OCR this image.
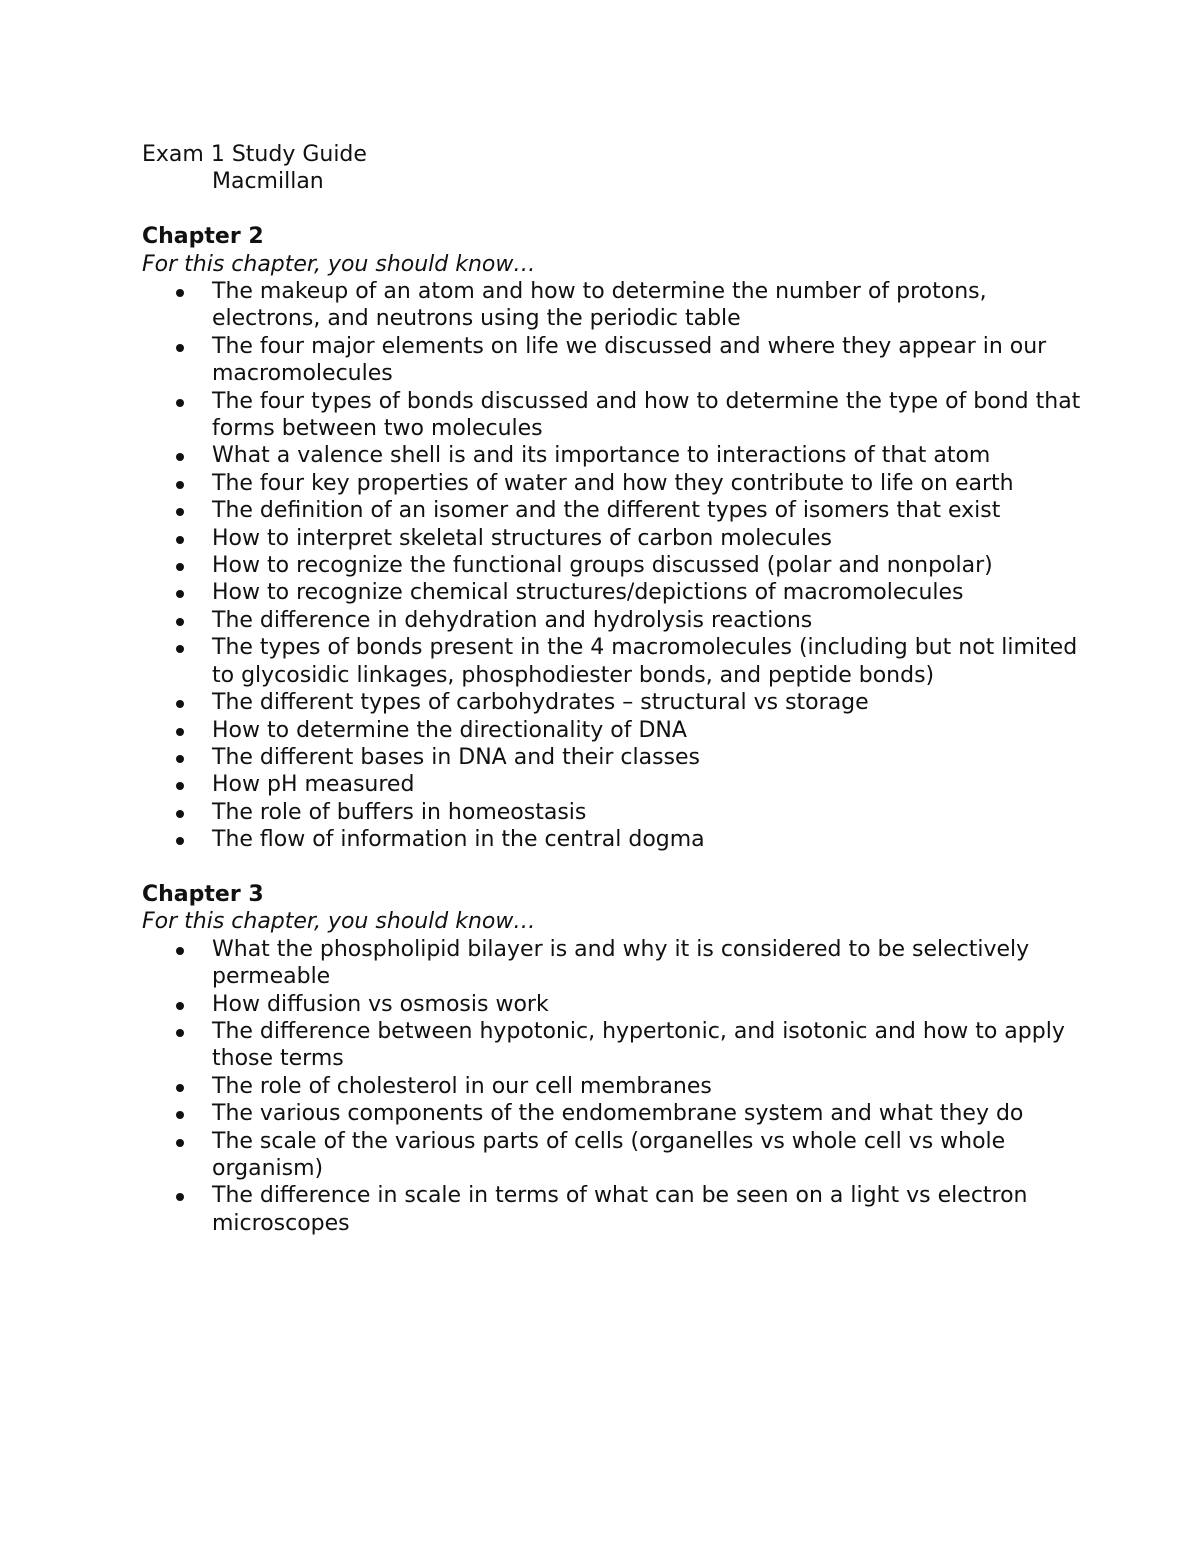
Exam 1 Study Guide

Macmillan

Chapter 2

For this chapter, you should know…

The makeup of an atom and how to determine the number of protons, electrons, and neutrons using the periodic table
The four major elements on life we discussed and where they appear in our macromolecules
The four types of bonds discussed and how to determine the type of bond that forms between two molecules
What a valence shell is and its importance to interactions of that atom
The four key properties of water and how they contribute to life on earth
The definition of an isomer and the different types of isomers that exist
How to interpret skeletal structures of carbon molecules
How to recognize the functional groups discussed (polar and nonpolar)
How to recognize chemical structures/depictions of macromolecules
The difference in dehydration and hydrolysis reactions
The types of bonds present in the 4 macromolecules (including but not limited to glycosidic linkages, phosphodiester bonds, and peptide bonds)
The different types of carbohydrates – structural vs storage
How to determine the directionality of DNA
The different bases in DNA and their classes
How pH measured
The role of buffers in homeostasis
The flow of information in the central dogma

Chapter 3

For this chapter, you should know…

What the phospholipid bilayer is and why it is considered to be selectively permeable
How diffusion vs osmosis work
The difference between hypotonic, hypertonic, and isotonic and how to apply those terms
The role of cholesterol in our cell membranes
The various components of the endomembrane system and what they do
The scale of the various parts of cells (organelles vs whole cell vs whole organism)
The difference in scale in terms of what can be seen on a light vs electron microscopes
